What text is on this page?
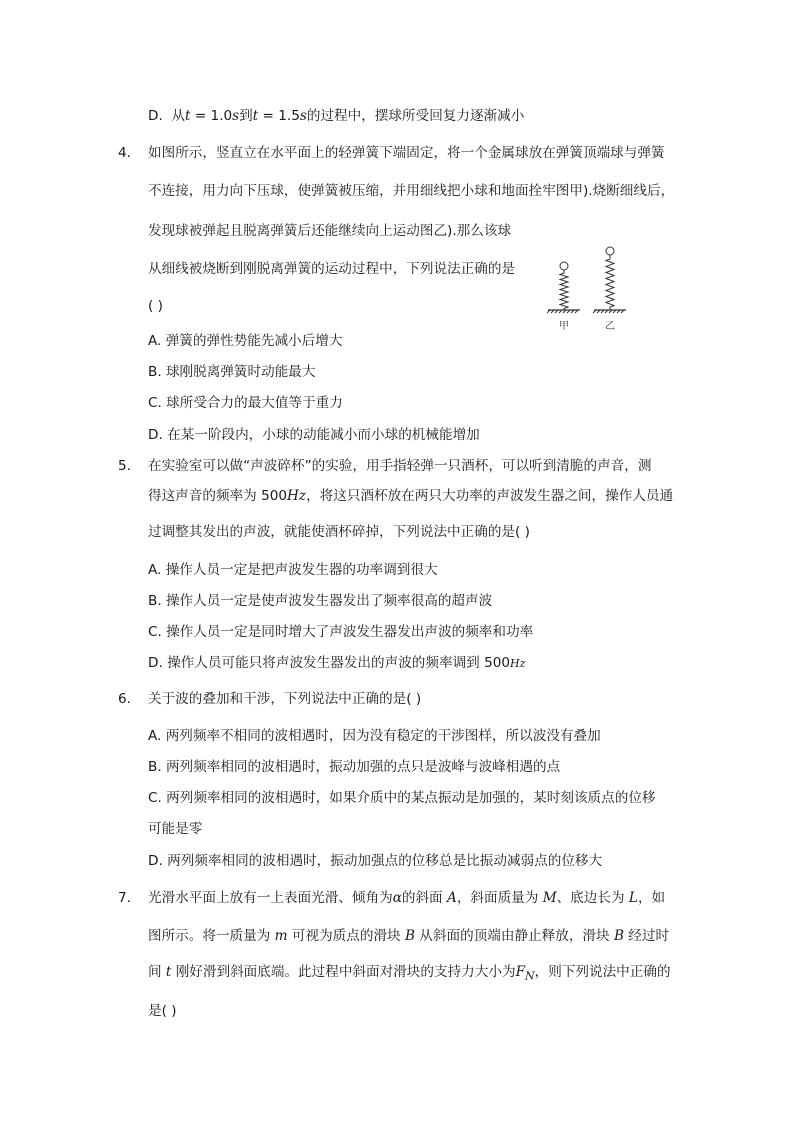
D. 从t = 1.0s到t = 1.5s的过程中，摆球所受回复力逐渐减小
4. 如图所示，竖直立在水平面上的轻弹簧下端固定，将一个金属球放在弹簧顶端球与弹簧
不连接，用力向下压球，使弹簧被压缩，并用细线把小球和地面拴牢图甲).烧断细线后，
发现球被弹起且脱离弹簧后还能继续向上运动图乙).那么该球
从细线被烧断到刚脱离弹簧的运动过程中，下列说法正确的是
( )
甲	乙
A. 弹簧的弹性势能先减小后增大
B. 球刚脱离弹簧时动能最大
C. 球所受合力的最大值等于重力
D. 在某一阶段内，小球的动能减小而小球的机械能增加
5. 在实验室可以做“声波碎杯”的实验，用手指轻弹一只酒杯，可以听到清脆的声音，测
得这声音的频率为 500Hz，将这只酒杯放在两只大功率的声波发生器之间，操作人员通
过调整其发出的声波，就能使酒杯碎掉，下列说法中正确的是( )
A. 操作人员一定是把声波发生器的功率调到很大
B. 操作人员一定是使声波发生器发出了频率很高的超声波
C. 操作人员一定是同时增大了声波发生器发出声波的频率和功率
D. 操作人员可能只将声波发生器发出的声波的频率调到 500Hz
6. 关于波的叠加和干涉，下列说法中正确的是( )
A. 两列频率不相同的波相遇时，因为没有稳定的干涉图样，所以波没有叠加
B. 两列频率相同的波相遇时，振动加强的点只是波峰与波峰相遇的点
C. 两列频率相同的波相遇时，如果介质中的某点振动是加强的，某时刻该质点的位移
可能是零
D. 两列频率相同的波相遇时，振动加强点的位移总是比振动减弱点的位移大
7. 光滑水平面上放有一上表面光滑、倾角为α的斜面 A，斜面质量为 M、底边长为 L，如
图所示。将一质量为 m 可视为质点的滑块 B 从斜面的顶端由静止释放，滑块 B 经过时
间 t 刚好滑到斜面底端。此过程中斜面对滑块的支持力大小为$F_N$，则下列说法中正确的
是( )
